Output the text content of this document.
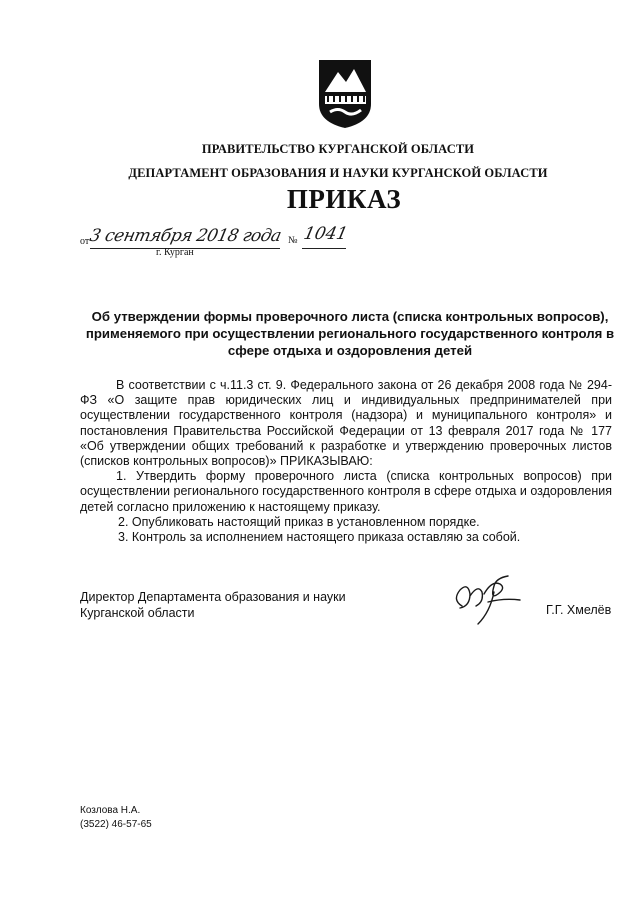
ПРАВИТЕЛЬСТВО КУРГАНСКОЙ ОБЛАСТИ
ДЕПАРТАМЕНТ ОБРАЗОВАНИЯ И НАУКИ КУРГАНСКОЙ ОБЛАСТИ
ПРИКАЗ
от
3 сентября 2018 года № 1041
г. Курган
Об утверждении формы проверочного листа (списка контрольных вопросов), применяемого при осуществлении регионального государственного контроля в сфере отдыха и оздоровления детей

В соответствии с ч.11.3 ст. 9. Федерального закона от 26 декабря 2008 года № 294-ФЗ «О защите прав юридических лиц и индивидуальных предпринимателей при осуществлении государственного контроля (надзора) и муниципального контроля» и постановления Правительства Российской Федерации от 13 февраля 2017 года № 177 «Об утверждении общих требований к разработке и утверждению проверочных листов (списков контрольных вопросов)» ПРИКАЗЫВАЮ:

1. Утвердить форму проверочного листа (списка контрольных вопросов) при осуществлении регионального государственного контроля в сфере отдыха и оздоровления детей согласно приложению к настоящему приказу.

2. Опубликовать настоящий приказ в установленном порядке.

3. Контроль за исполнением настоящего приказа оставляю за собой.

Директор Департамента образования и науки
Курганской области	Г.Г. Хмелёв
Козлова Н.А.
(3522) 46-57-65
